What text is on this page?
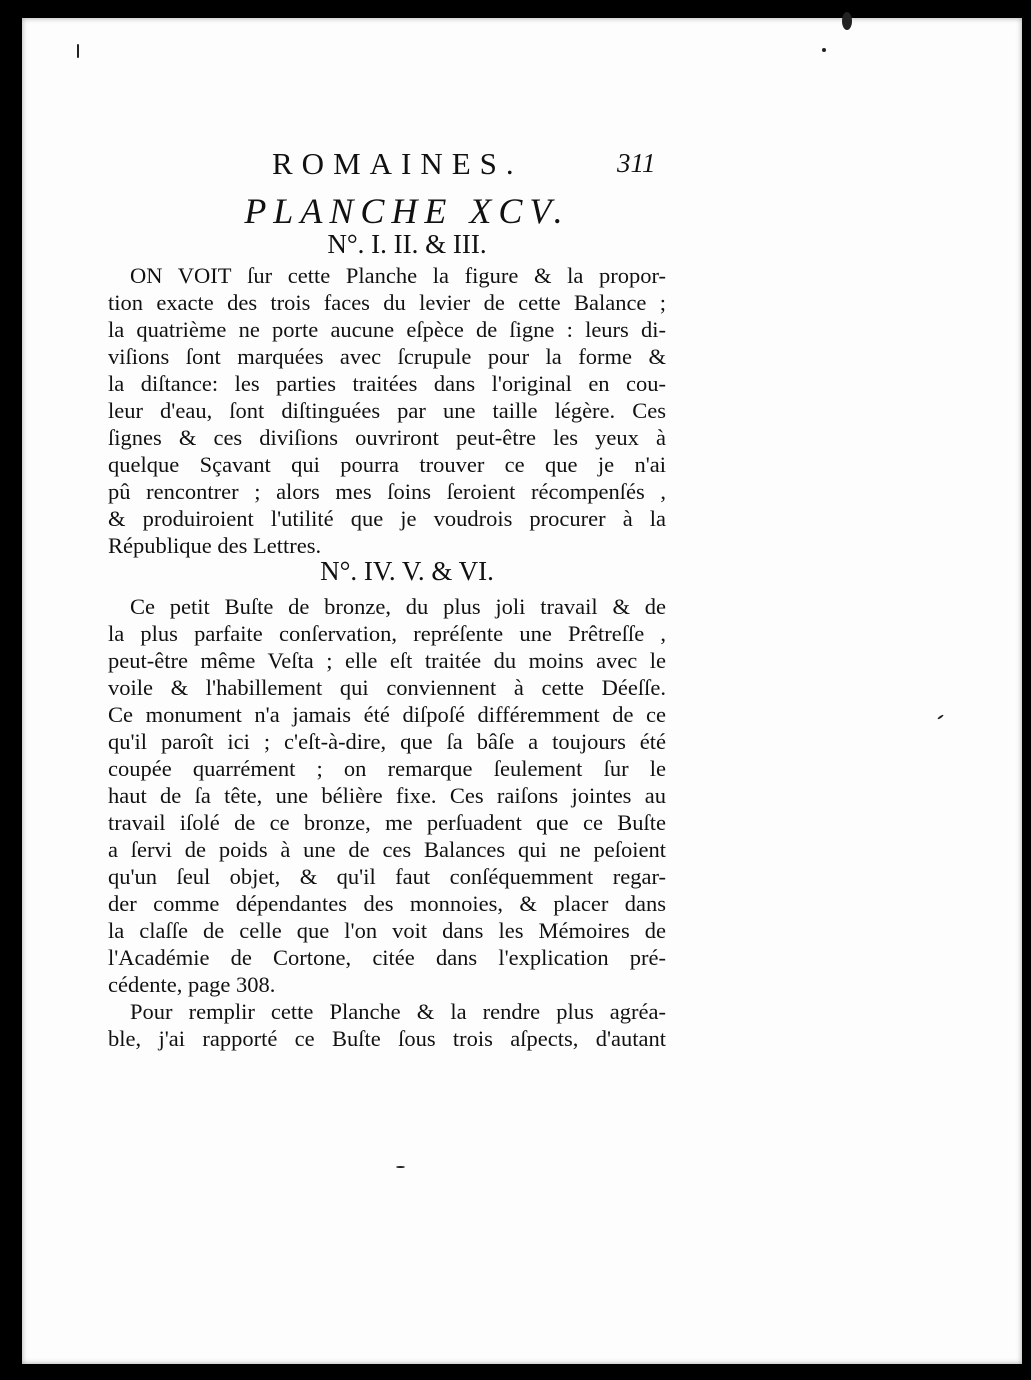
ROMAINES.	311
PLANCHE XCV.
N°. I. II. & III.
ON VOIT ſur cette Planche la figure & la propor-
tion exacte des trois faces du levier de cette Balance ;
la quatrième ne porte aucune eſpèce de ſigne : leurs di-
viſions ſont marquées avec ſcrupule pour la forme &
la diſtance: les parties traitées dans l'original en cou-
leur d'eau, ſont diſtinguées par une taille légère. Ces
ſignes & ces diviſions ouvriront peut-être les yeux à
quelque Sçavant qui pourra trouver ce que je n'ai
pû rencontrer ; alors mes ſoins ſeroient récompenſés ,
& produiroient l'utilité que je voudrois procurer à la
République des Lettres.
N°. IV. V. & VI.
Ce petit Buſte de bronze, du plus joli travail & de
la plus parfaite conſervation, repréſente une Prêtreſſe ,
peut-être même Veſta ; elle eſt traitée du moins avec le
voile & l'habillement qui conviennent à cette Déeſſe.
Ce monument n'a jamais été diſpoſé différemment de ce
qu'il paroît ici ; c'eſt-à-dire, que ſa bâſe a toujours été
coupée quarrément ; on remarque ſeulement ſur le
haut de ſa tête, une bélière fixe. Ces raiſons jointes au
travail iſolé de ce bronze, me perſuadent que ce Buſte
a ſervi de poids à une de ces Balances qui ne peſoient
qu'un ſeul objet, & qu'il faut conſéquemment regar-
der comme dépendantes des monnoies, & placer dans
la claſſe de celle que l'on voit dans les Mémoires de
l'Académie de Cortone, citée dans l'explication pré-
cédente, page 308.
Pour remplir cette Planche & la rendre plus agréa-
ble, j'ai rapporté ce Buſte ſous trois aſpects, d'autant
